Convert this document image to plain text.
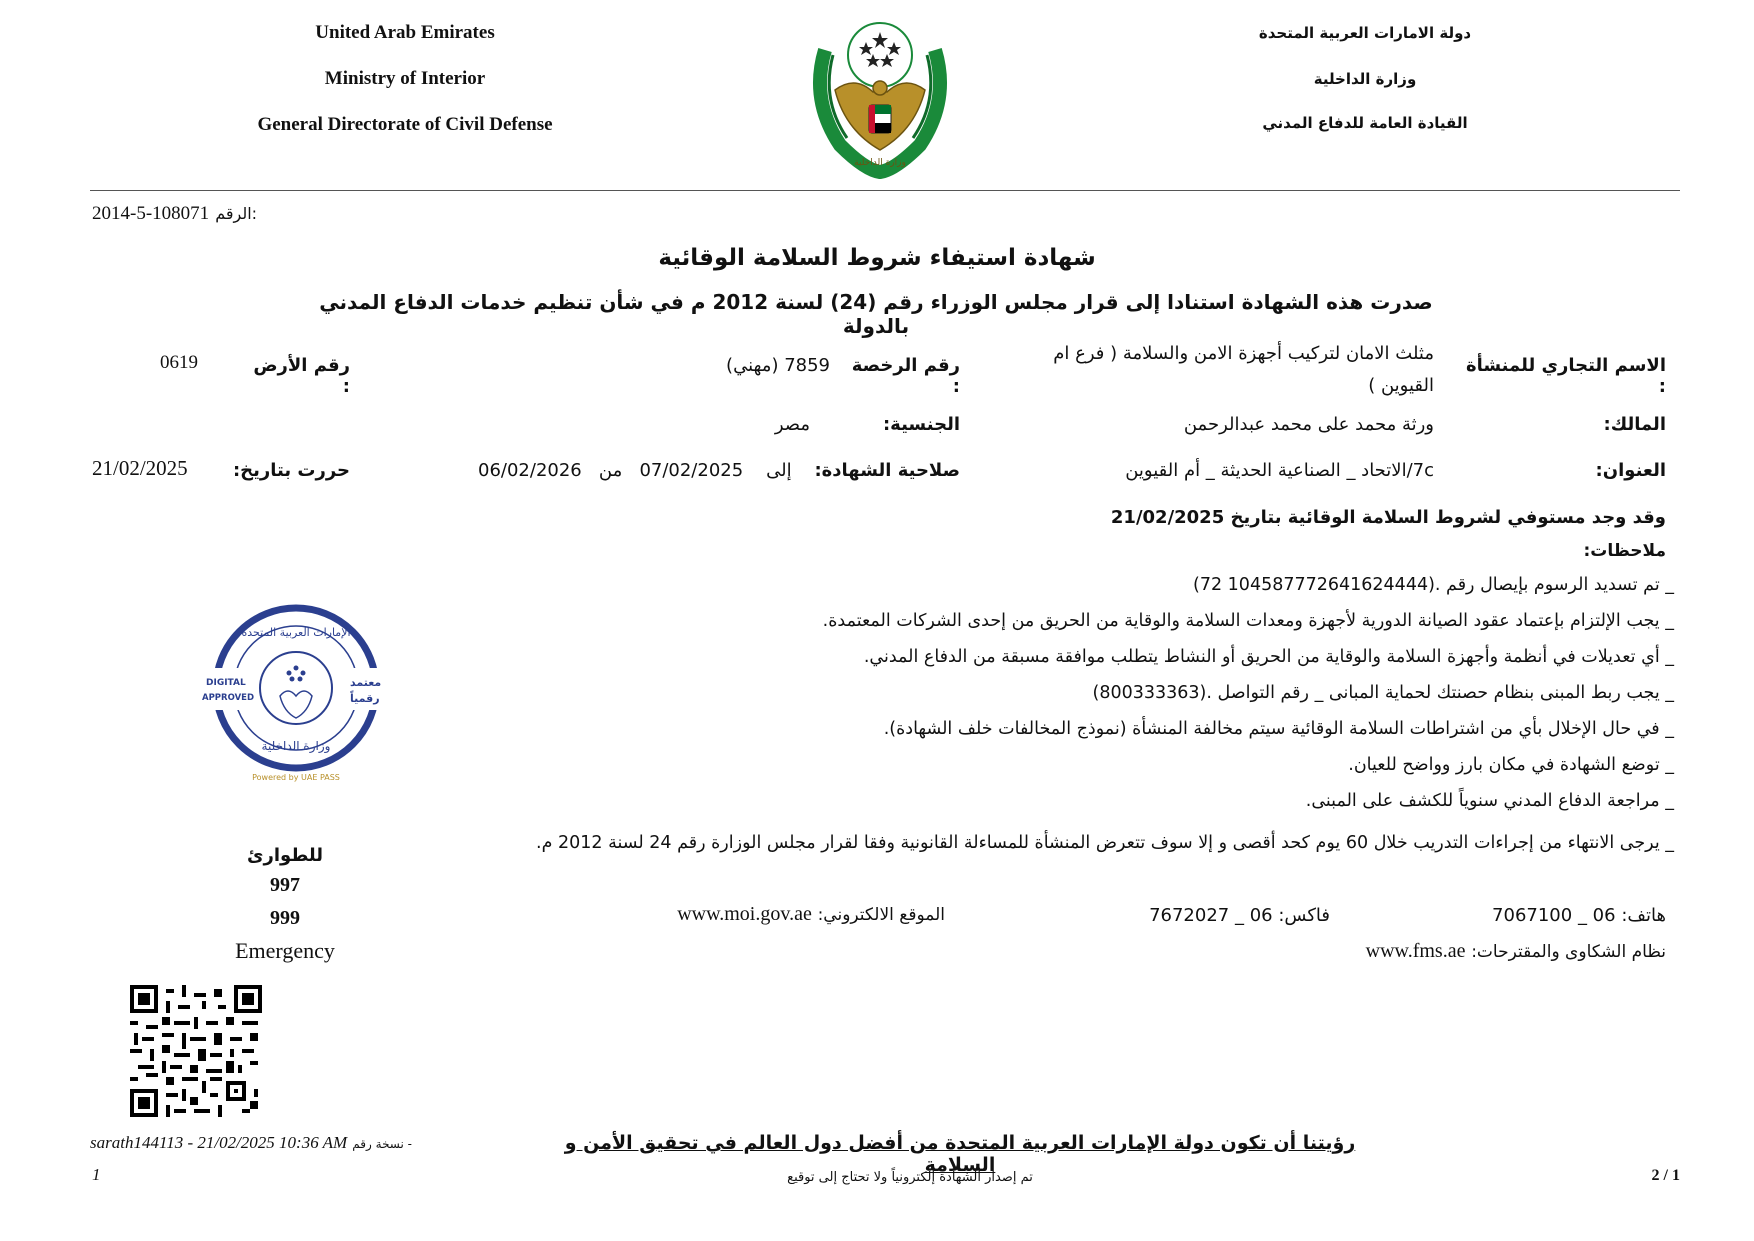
United Arab Emirates
Ministry of Interior
General Directorate of Civil Defense
دولة الامارات العربية المتحدة
وزارة الداخلية
القيادة العامة للدفاع المدني
وزارة الداخلية
2014-5-108071 الرقم:
شهادة استيفاء شروط السلامة الوقائية
صدرت هذه الشهادة استنادا إلى قرار مجلس الوزراء رقم (24) لسنة 2012 م في شأن تنظيم خدمات الدفاع المدني بالدولة
الاسم التجاري للمنشأة :
مثلث الامان لتركيب أجهزة الامن والسلامة ( فرع ام القيوين )
رقم الرخصة :
7859 (مهني)
رقم الأرض :
0619
المالك:
ورثة محمد على محمد عبدالرحمن
الجنسية:
مصر
العنوان:
7c/الاتحاد _ الصناعية الحديثة _ أم القيوين
صلاحية الشهادة:
06/02/2026	إلى    07/02/2025   من
حررت بتاريخ:
21/02/2025
وقد وجد مستوفي لشروط السلامة الوقائية بتاريخ 21/02/2025
ملاحظات:
_ تم تسديد الرسوم بإيصال رقم .(104587772641624444 72)
_ يجب الإلتزام بإعتماد عقود الصيانة الدورية لأجهزة ومعدات السلامة والوقاية من الحريق من إحدى الشركات المعتمدة.
_ أي تعديلات في أنظمة وأجهزة السلامة والوقاية من الحريق أو النشاط يتطلب موافقة مسبقة من الدفاع المدني.
_ يجب ربط المبنى بنظام حصنتك لحماية المبانى _ رقم التواصل .(800333363)
_ في حال الإخلال بأي من اشتراطات السلامة الوقائية سيتم مخالفة المنشأة (نموذج المخالفات خلف الشهادة).
_ توضع الشهادة في مكان بارز وواضح للعيان.
_ مراجعة الدفاع المدني سنوياً للكشف على المبنى.
_ يرجى الانتهاء من إجراءات التدريب خلال 60 يوم كحد أقصى و إلا سوف تتعرض المنشأة للمساءلة القانونية وفقا لقرار مجلس الوزارة رقم 24 لسنة 2012 م.
هاتف: 06 _ 7067100
فاكس: 06 _ 7672027
الموقع الالكتروني: www.moi.gov.ae
نظام الشكاوى والمقترحات: www.fms.ae
DIGITAL
APPROVED
معتمد
رقمياً
الإمارات العربية المتحدة
وزارة الداخلية
Powered by UAE PASS
للطوارئ
997
999
Emergency
sarath144113 - 21/02/2025 10:36 AM نسخة رقم -	رؤيتنا أن تكون دولة الإمارات العربية المتحدة من أفضل دول العالم في تحقيق الأمن و السلامة
1	تم إصدار الشهادة إلكترونياً ولا تحتاج إلى توقيع	2 / 1
